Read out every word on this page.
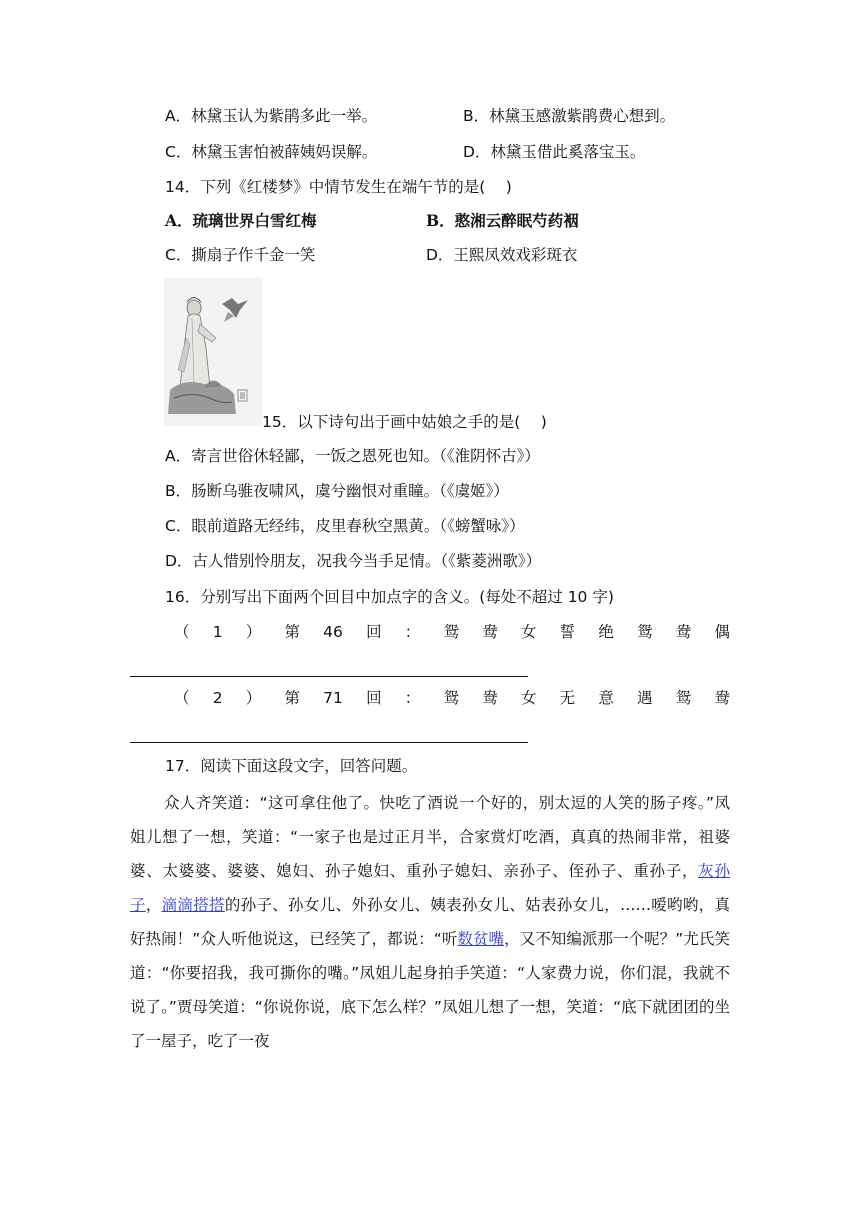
A．林黛玉认为紫鹃多此一举。	B．林黛玉感激紫鹃费心想到。
C．林黛玉害怕被薛姨妈误解。	D．林黛玉借此奚落宝玉。
14．下列《红楼梦》中情节发生在端午节的是(　 )
A．琉璃世界白雪红梅	B．憨湘云醉眠芍药裀
C．撕扇子作千金一笑	D．王熙凤效戏彩斑衣
15．以下诗句出于画中姑娘之手的是(　 )
A．寄言世俗休轻鄙，一饭之恩死也知。（《淮阴怀古》）
B．肠断乌骓夜啸风，虞兮幽恨对重瞳。（《虞姬》）
C．眼前道路无经纬，皮里春秋空黑黄。（《螃蟹咏》）
D．古人惜别怜朋友，况我今当手足情。（《紫菱洲歌》）
16．分别写出下面两个回目中加点字的含义。(每处不超过 10 字)
（ 1 ） 第 46 回 ： 鸳 鸯 女 誓 绝 鸳 鸯 偶
（ 2 ） 第 71 回 ： 鸳 鸯 女 无 意 遇 鸳 鸯
17．阅读下面这段文字，回答问题。
众人齐笑道：“这可拿住他了。快吃了酒说一个好的，别太逗的人笑的肠子疼。”凤姐儿想了一想，笑道：“一家子也是过正月半，合家赏灯吃酒，真真的热闹非常，祖婆婆、太婆婆、婆婆、媳妇、孙子媳妇、重孙子媳妇、亲孙子、侄孙子、重孙子，灰孙子，滴滴搭搭的孙子、孙女儿、外孙女儿、姨表孙女儿、姑表孙女儿，……嗳哟哟，真好热闹！”众人听他说这，已经笑了，都说：“听数贫嘴，又不知编派那一个呢？”尤氏笑道：“你要招我，我可撕你的嘴。”凤姐儿起身拍手笑道：“人家费力说，你们混，我就不说了。”贾母笑道：“你说你说，底下怎么样？”凤姐儿想了一想，笑道：“底下就团团的坐了一屋子，吃了一夜
